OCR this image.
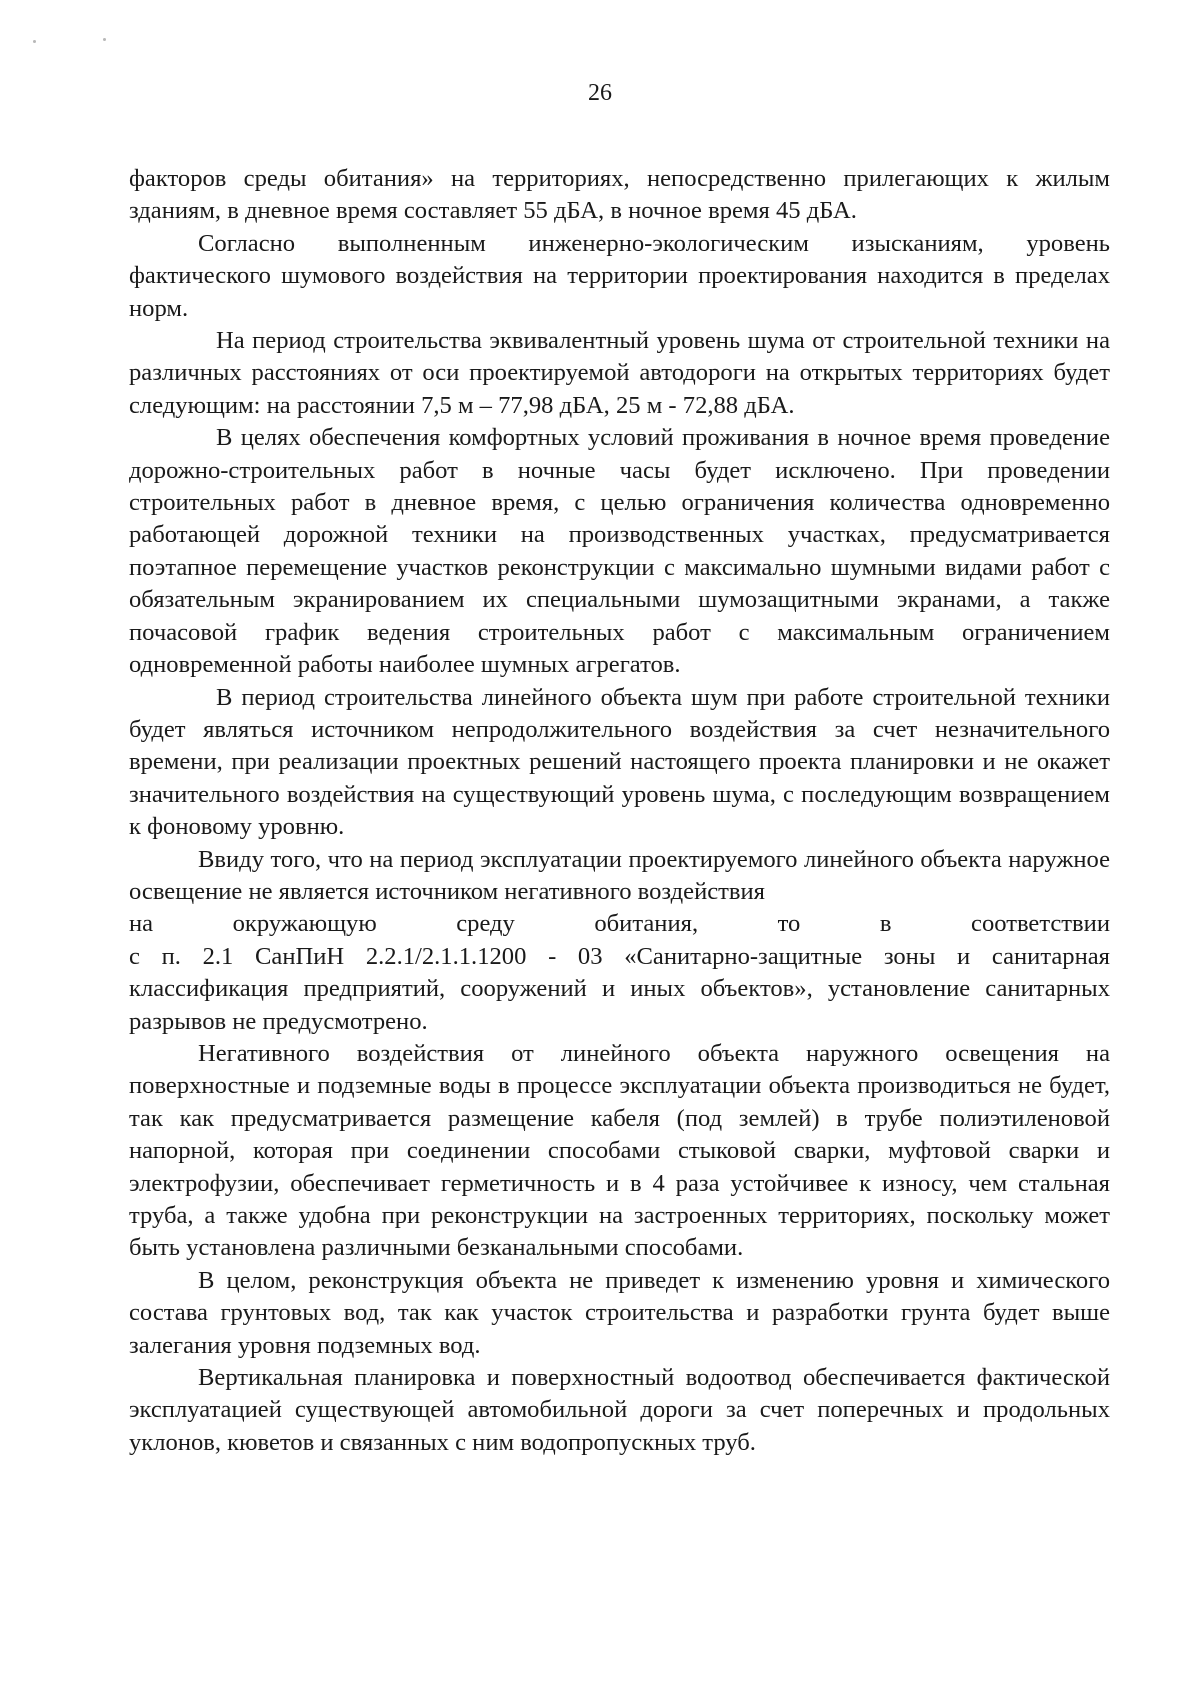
26

факторов среды обитания» на территориях, непосредственно прилегающих к жилым зданиям, в дневное время составляет 55 дБА, в ночное время 45 дБА.

Согласно выполненным инженерно-экологическим изысканиям, уровень фактического шумового воздействия на территории проектирования находится в пределах норм.

На период строительства эквивалентный уровень шума от строительной техники на различных расстояниях от оси проектируемой автодороги на открытых территориях будет следующим: на расстоянии 7,5 м – 77,98 дБА, 25 м - 72,88 дБА.

В целях обеспечения комфортных условий проживания в ночное время проведение дорожно-строительных работ в ночные часы будет исключено. При проведении строительных работ в дневное время, с целью ограничения количества одновременно работающей дорожной техники на производственных участках, предусматривается поэтапное перемещение участков реконструкции с максимально шумными видами работ с обязательным экранированием их специальными шумозащитными экранами, а также почасовой график ведения строительных работ с максимальным ограничением одновременной работы наиболее шумных агрегатов.

В период строительства линейного объекта шум при работе строительной техники будет являться источником непродолжительного воздействия за счет незначительного времени, при реализации проектных решений настоящего проекта планировки и не окажет значительного воздействия на существующий уровень шума, с последующим возвращением к фоновому уровню.

Ввиду того, что на период эксплуатации проектируемого линейного объекта наружное освещение не является источником негативного воздействия

на окружающую среду обитания, то в соответствии

с п. 2.1 СанПиН 2.2.1/2.1.1.1200 - 03 «Санитарно-защитные зоны и санитарная классификация предприятий, сооружений и иных объектов», установление санитарных разрывов не предусмотрено.

Негативного воздействия от линейного объекта наружного освещения на поверхностные и подземные воды в процессе эксплуатации объекта производиться не будет, так как предусматривается размещение кабеля (под землей) в трубе полиэтиленовой напорной, которая при соединении способами стыковой сварки, муфтовой сварки и электрофузии, обеспечивает герметичность и в 4 раза устойчивее к износу, чем стальная труба, а также удобна при реконструкции на застроенных территориях, поскольку может быть установлена различными безканальными способами.

В целом, реконструкция объекта не приведет к изменению уровня и химического состава грунтовых вод, так как участок строительства и разработки грунта будет выше залегания уровня подземных вод.

Вертикальная планировка и поверхностный водоотвод обеспечивается фактической эксплуатацией существующей автомобильной дороги за счет поперечных и продольных уклонов, кюветов и связанных с ним водопропускных труб.
